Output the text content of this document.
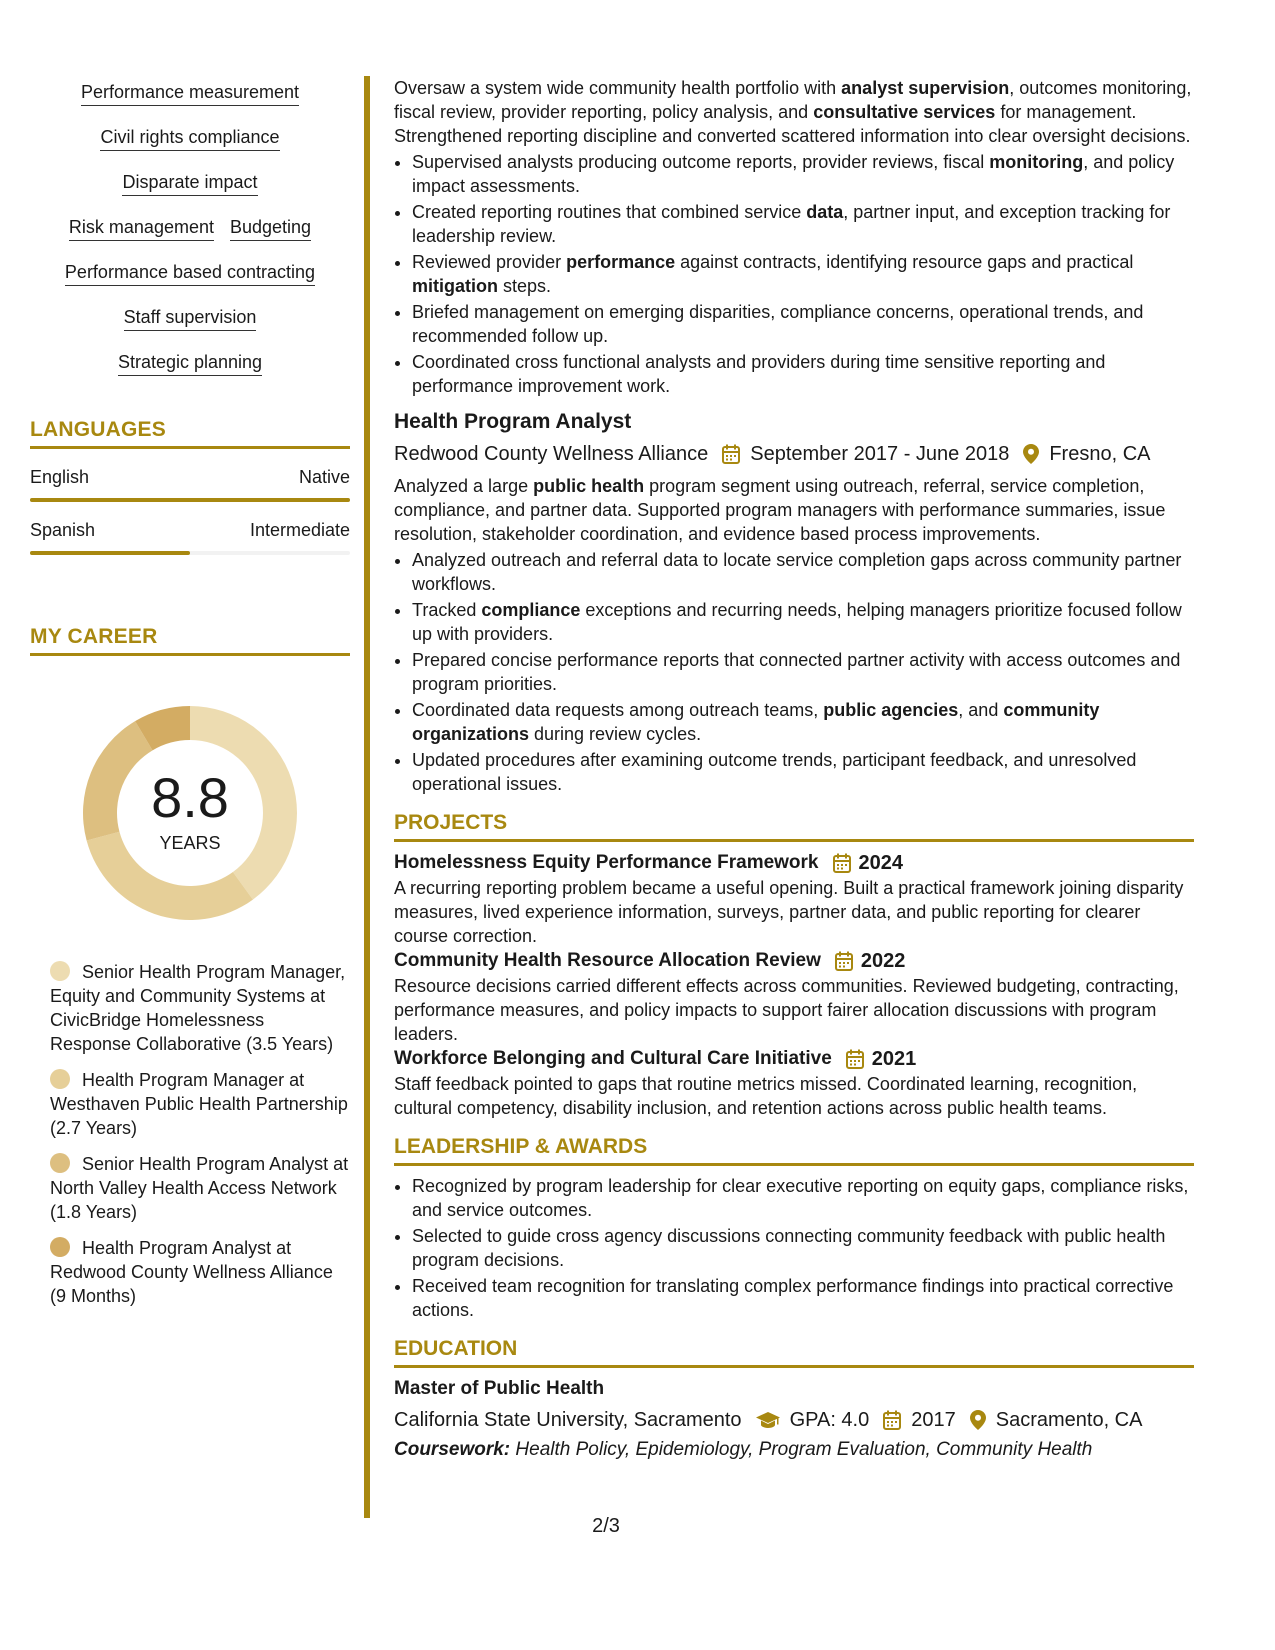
Performance measurement
Civil rights compliance
Disparate impact
Risk management Budgeting
Performance based contracting
Staff supervision
Strategic planning
LANGUAGES
English	Native
Spanish	Intermediate
MY CAREER
8.8
YEARS
Senior Health Program Manager, Equity and Community Systems at CivicBridge Homelessness Response Collaborative (3.5 Years)
Health Program Manager at Westhaven Public Health Partnership (2.7 Years)
Senior Health Program Analyst at North Valley Health Access Network (1.8 Years)
Health Program Analyst at Redwood County Wellness Alliance (9 Months)

Oversaw a system wide community health portfolio with analyst supervision, outcomes monitoring, fiscal review, provider reporting, policy analysis, and consultative services for management. Strengthened reporting discipline and converted scattered information into clear oversight decisions.

• Supervised analysts producing outcome reports, provider reviews, fiscal monitoring, and policy impact assessments.
• Created reporting routines that combined service data, partner input, and exception tracking for leadership review.
• Reviewed provider performance against contracts, identifying resource gaps and practical mitigation steps.
• Briefed management on emerging disparities, compliance concerns, operational trends, and recommended follow up.
• Coordinated cross functional analysts and providers during time sensitive reporting and performance improvement work.
Health Program Analyst
Redwood County Wellness Alliance September 2017 - June 2018 Fresno, CA

Analyzed a large public health program segment using outreach, referral, service completion, compliance, and partner data. Supported program managers with performance summaries, issue resolution, stakeholder coordination, and evidence based process improvements.

• Analyzed outreach and referral data to locate service completion gaps across community partner workflows.
• Tracked compliance exceptions and recurring needs, helping managers prioritize focused follow up with providers.
• Prepared concise performance reports that connected partner activity with access outcomes and program priorities.
• Coordinated data requests among outreach teams, public agencies, and community organizations during review cycles.
• Updated procedures after examining outcome trends, participant feedback, and unresolved operational issues.
PROJECTS
Homelessness Equity Performance Framework 2024

A recurring reporting problem became a useful opening. Built a practical framework joining disparity measures, lived experience information, surveys, partner data, and public reporting for clearer course correction.

Community Health Resource Allocation Review 2022

Resource decisions carried different effects across communities. Reviewed budgeting, contracting, performance measures, and policy impacts to support fairer allocation discussions with program leaders.

Workforce Belonging and Cultural Care Initiative 2021

Staff feedback pointed to gaps that routine metrics missed. Coordinated learning, recognition, cultural competency, disability inclusion, and retention actions across public health teams.

LEADERSHIP & AWARDS
• Recognized by program leadership for clear executive reporting on equity gaps, compliance risks, and service outcomes.
• Selected to guide cross agency discussions connecting community feedback with public health program decisions.
• Received team recognition for translating complex performance findings into practical corrective actions.
EDUCATION
Master of Public Health
California State University, Sacramento GPA: 4.0 2017 Sacramento, CA
Coursework: Health Policy, Epidemiology, Program Evaluation, Community Health
2/3
